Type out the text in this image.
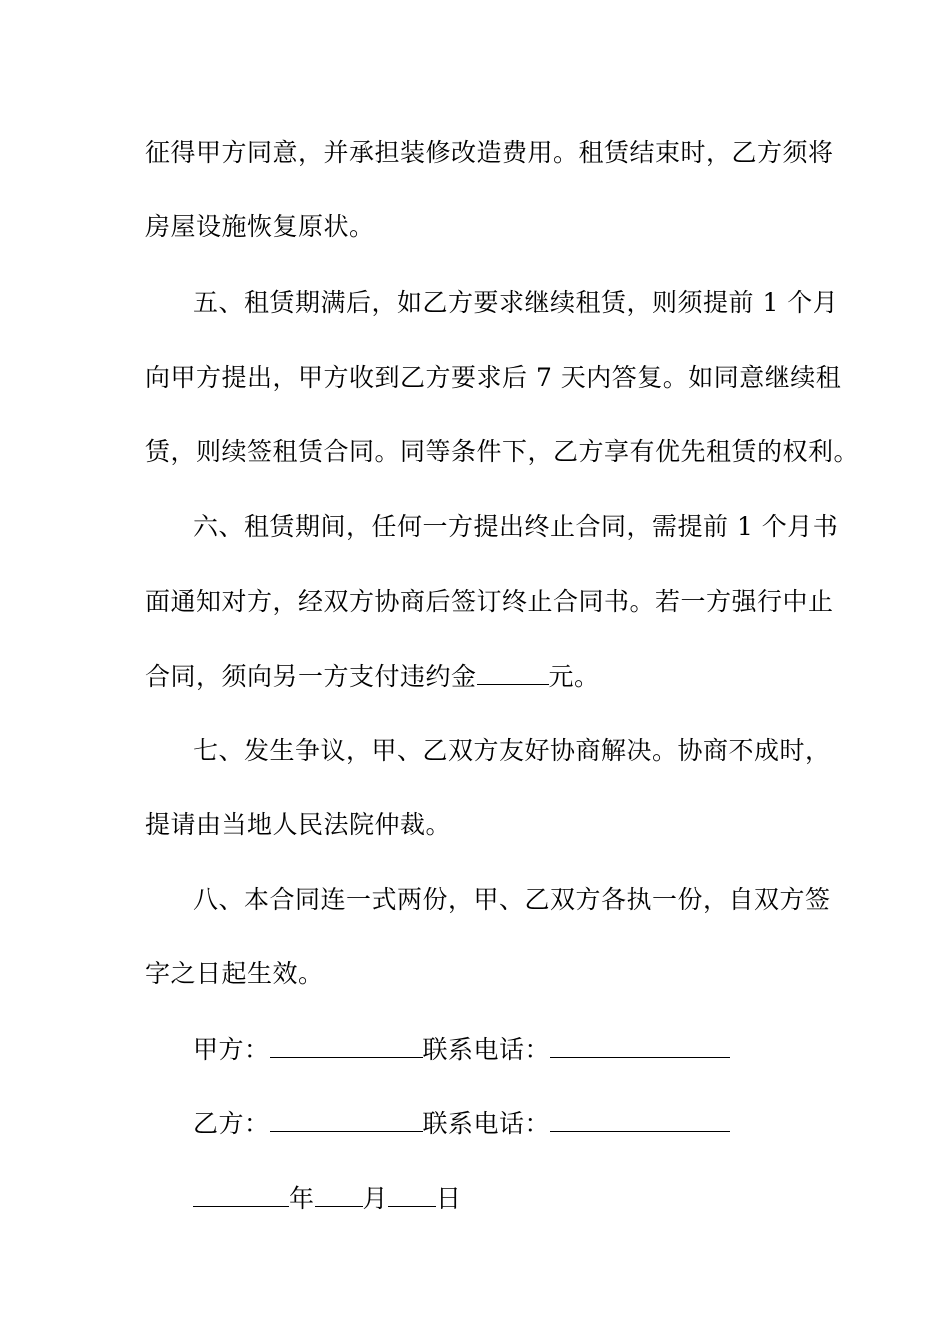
征得甲方同意，并承担装修改造费用。租赁结束时，乙方须将
房屋设施恢复原状。
五、租赁期满后，如乙方要求继续租赁，则须提前 1 个月
向甲方提出，甲方收到乙方要求后 7 天内答复。如同意继续租
赁，则续签租赁合同。同等条件下，乙方享有优先租赁的权利。
六、租赁期间，任何一方提出终止合同，需提前 1 个月书
面通知对方，经双方协商后签订终止合同书。若一方强行中止
合同，须向另一方支付违约金	元。
七、发生争议，甲、乙双方友好协商解决。协商不成时，
提请由当地人民法院仲裁。
八、本合同连一式两份，甲、乙双方各执一份，自双方签
字之日起生效。
甲方：	联系电话：
乙方：	联系电话：
年 月 日
